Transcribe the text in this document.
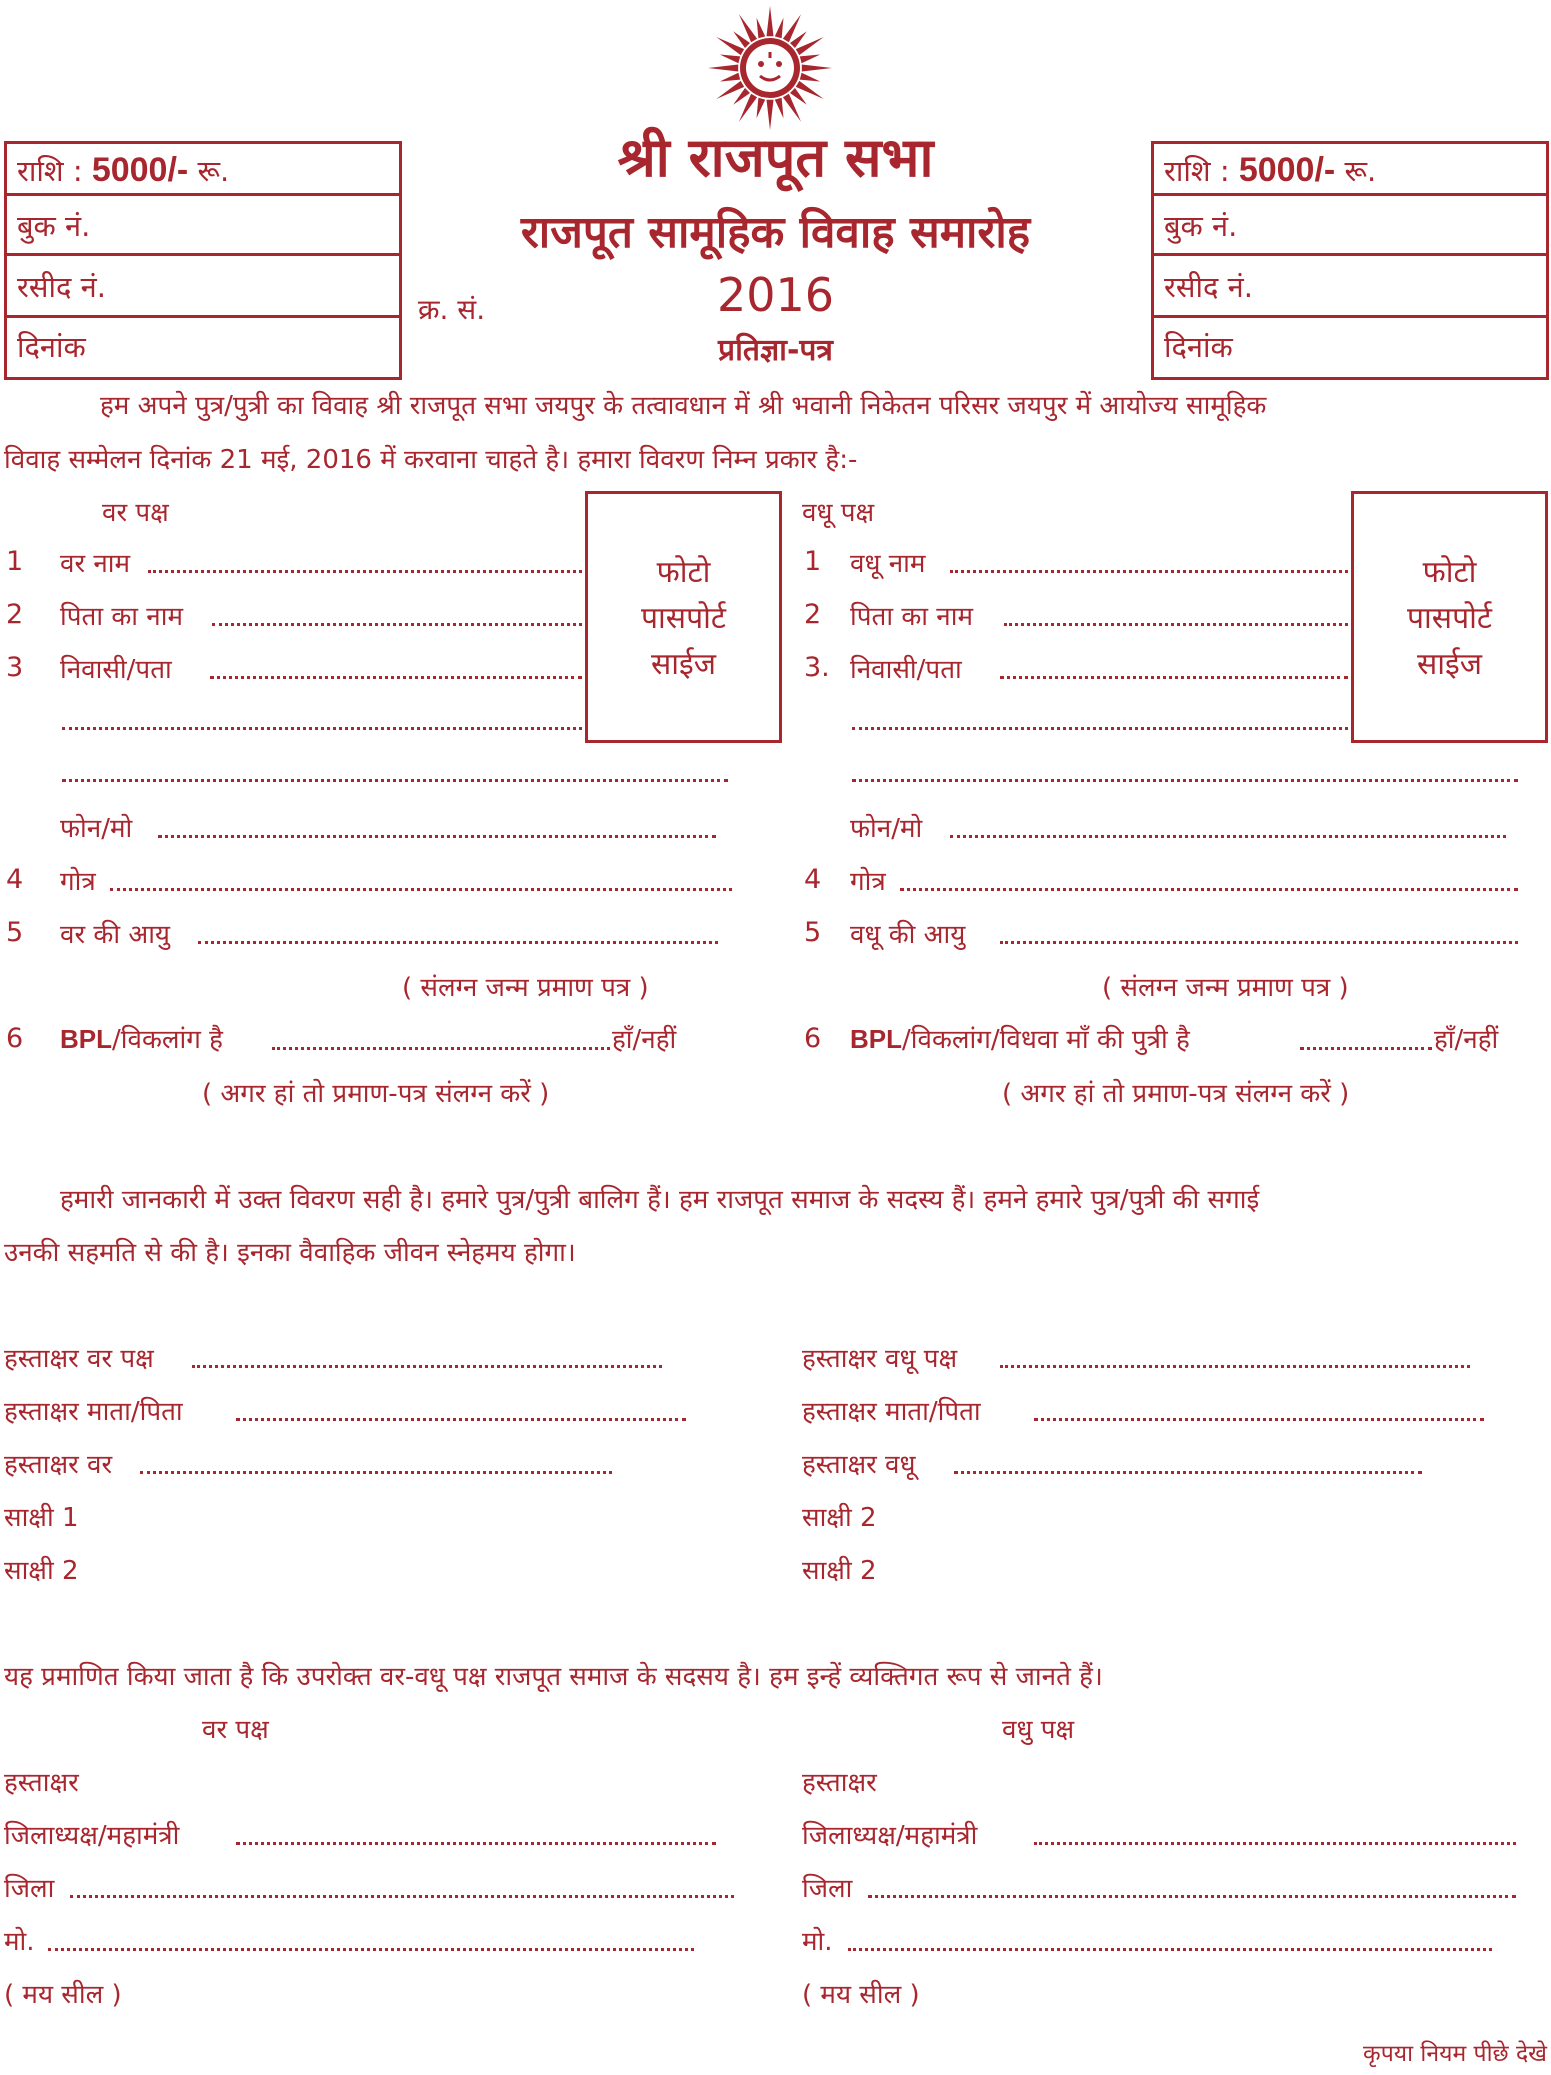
राशि : 5000/- रू.
बुक नं.
रसीद नं.
दिनांक
राशि : 5000/- रू.
बुक नं.
रसीद नं.
दिनांक
श्री राजपूत सभा
राजपूत सामूहिक विवाह समारोह
क्र. सं.	2016
प्रतिज्ञा-पत्र
हम अपने पुत्र/पुत्री का विवाह श्री राजपूत सभा जयपुर के तत्वावधान में श्री भवानी निकेतन परिसर जयपुर में आयोज्य सामूहिक
विवाह सम्मेलन दिनांक 21 मई, 2016 में करवाना चाहते है। हमारा विवरण निम्न प्रकार है:-
वर पक्ष
फोटो
पासपोर्ट
साईज
1 वर नाम
2 पिता का नाम
3 निवासी/पता
फोन/मो
4 गोत्र
5 वर की आयु
( संलग्न जन्म प्रमाण पत्र )
6 BPL/विकलांग है	हाँ/नहीं
( अगर हां तो प्रमाण-पत्र संलग्न करें )
वधू पक्ष
फोटो
पासपोर्ट
साईज
1 वधू नाम
2 पिता का नाम
3. निवासी/पता
फोन/मो
4 गोत्र
5 वधू की आयु
( संलग्न जन्म प्रमाण पत्र )
6 BPL/विकलांग/विधवा माँ की पुत्री है	हाँ/नहीं
( अगर हां तो प्रमाण-पत्र संलग्न करें )
हमारी जानकारी में उक्त विवरण सही है। हमारे पुत्र/पुत्री बालिग हैं। हम राजपूत समाज के सदस्य हैं। हमने हमारे पुत्र/पुत्री की सगाई
उनकी सहमति से की है। इनका वैवाहिक जीवन स्नेहमय होगा।
हस्ताक्षर वर पक्ष
हस्ताक्षर माता/पिता
हस्ताक्षर वर
साक्षी 1
साक्षी 2
हस्ताक्षर वधू पक्ष
हस्ताक्षर माता/पिता
हस्ताक्षर वधू
साक्षी 2
साक्षी 2
यह प्रमाणित किया जाता है कि उपरोक्त वर-वधू पक्ष राजपूत समाज के सदसय है। हम इन्हें व्यक्तिगत रूप से जानते हैं।
वर पक्ष
हस्ताक्षर
जिलाध्यक्ष/महामंत्री
जिला
मो.
( मय सील )
वधु पक्ष
हस्ताक्षर
जिलाध्यक्ष/महामंत्री
जिला
मो.
( मय सील )
कृपया नियम पीछे देखे
